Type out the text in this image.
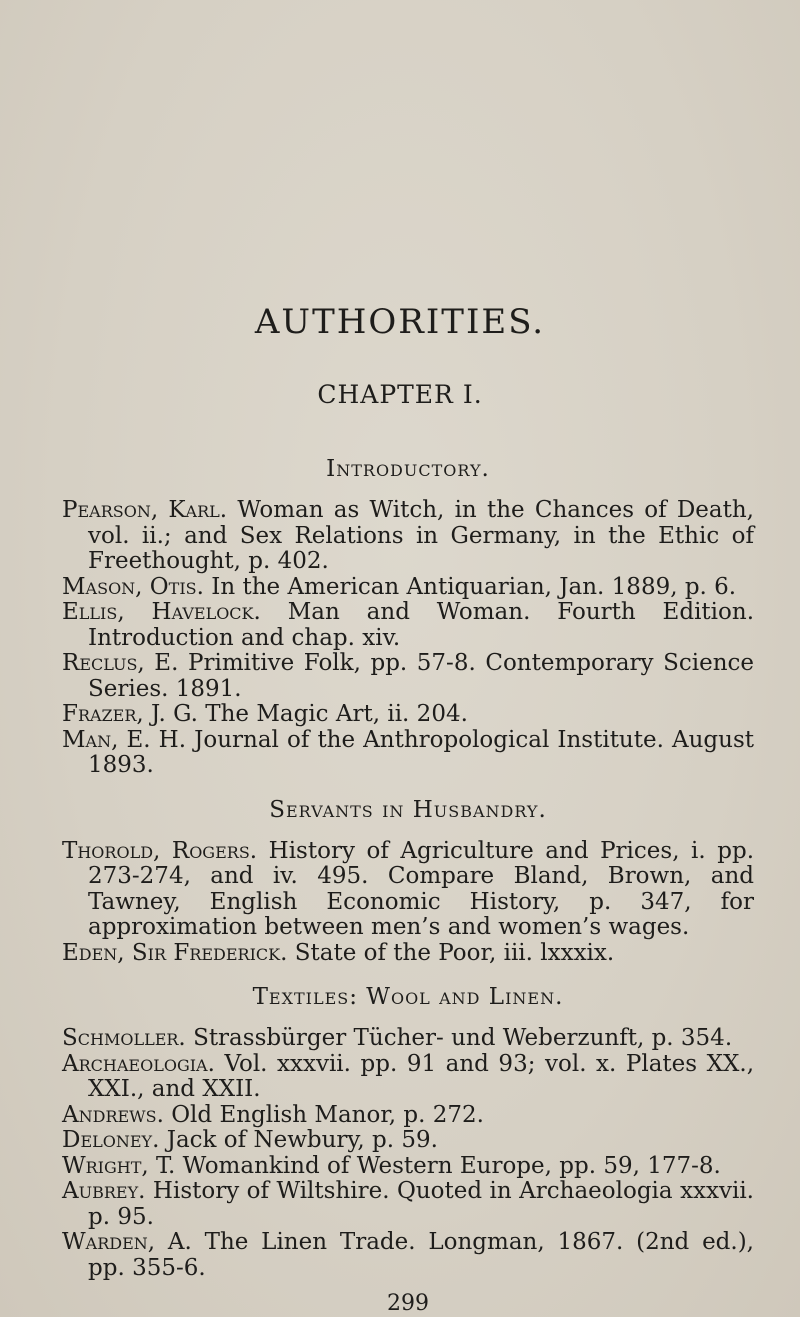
AUTHORITIES.
CHAPTER I.
Introductory.

Pearson, Karl. Woman as Witch, in the Chances of Death, vol. ii.; and Sex Relations in Germany, in the Ethic of Freethought, p. 402.

Mason, Otis. In the American Antiquarian, Jan. 1889, p. 6.

Ellis, Havelock. Man and Woman. Fourth Edition. Introduction and chap. xiv.

Reclus, E. Primitive Folk, pp. 57-8. Contemporary Science Series. 1891.

Frazer, J. G. The Magic Art, ii. 204.

Man, E. H. Journal of the Anthropological Institute. August 1893.

Servants in Husbandry.

Thorold, Rogers. History of Agriculture and Prices, i. pp. 273-274, and iv. 495. Compare Bland, Brown, and Tawney, English Economic History, p. 347, for approximation between men’s and women’s wages.

Eden, Sir Frederick. State of the Poor, iii. lxxxix.

Textiles: Wool and Linen.

Schmoller. Strassbürger Tücher- und Weberzunft, p. 354.

Archaeologia. Vol. xxxvii. pp. 91 and 93; vol. x. Plates XX., XXI., and XXII.

Andrews. Old English Manor, p. 272.

Deloney. Jack of Newbury, p. 59.

Wright, T. Womankind of Western Europe, pp. 59, 177-8.

Aubrey. History of Wiltshire. Quoted in Archaeologia xxxvii. p. 95.

Warden, A. The Linen Trade. Longman, 1867. (2nd ed.), pp. 355-6.

299
